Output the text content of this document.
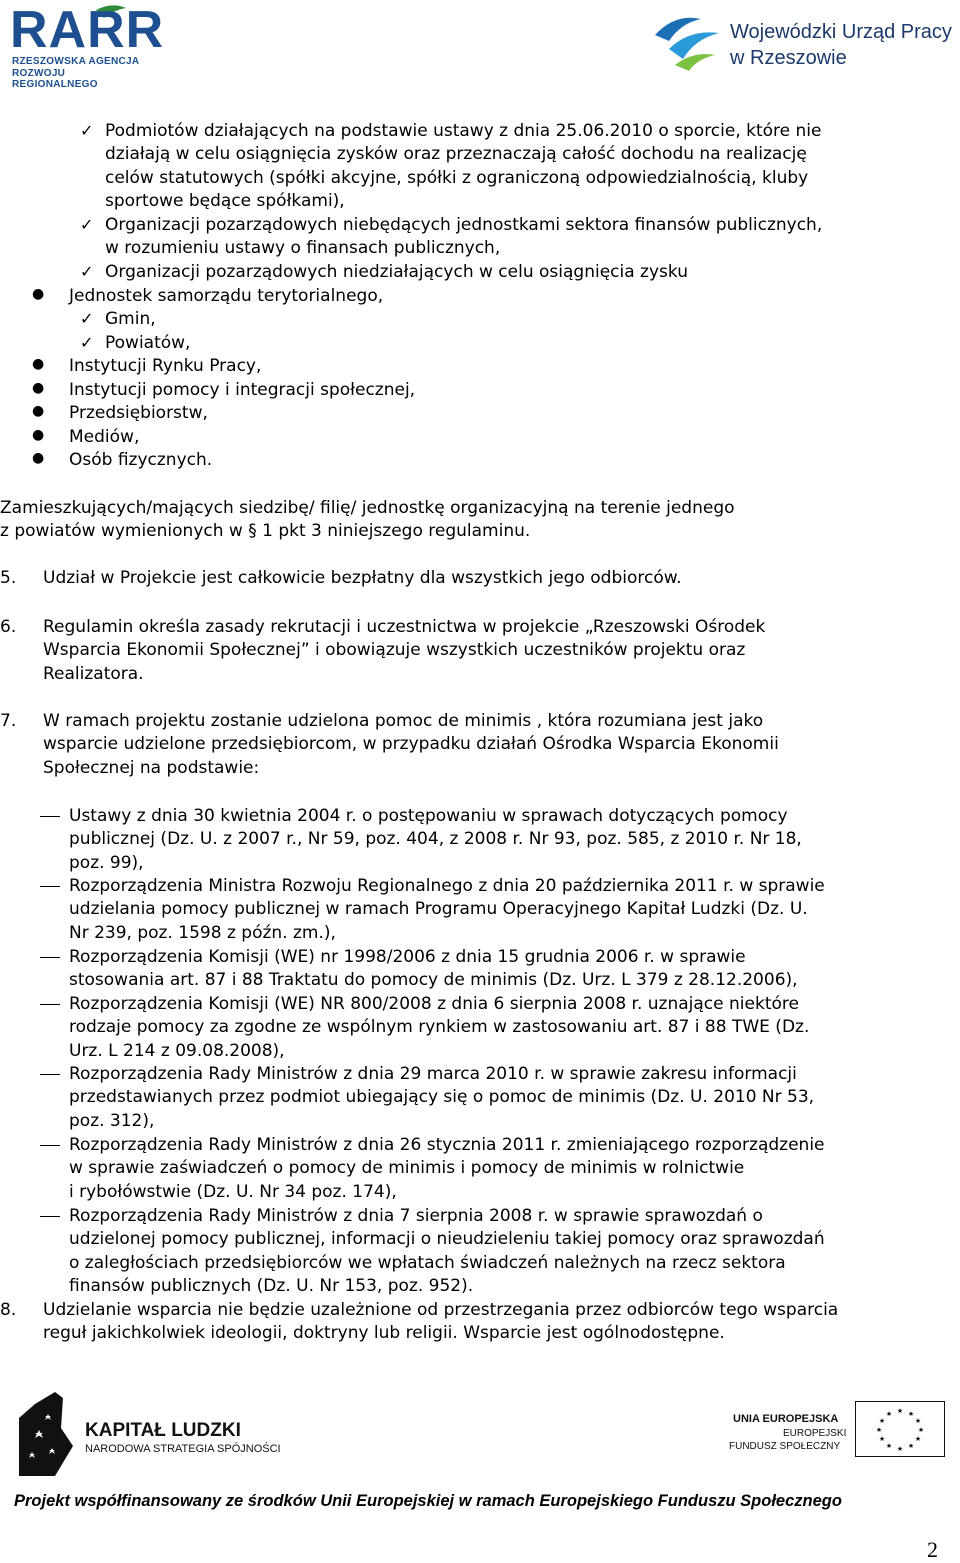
RARR
RZESZOWSKA AGENCJA
ROZWOJU REGIONALNEGO
Wojewódzki Urząd Pracy
w Rzeszowie
✓ Podmiotów działających na podstawie ustawy z dnia 25.06.2010 o sporcie, które nie
działają w celu osiągnięcia zysków oraz przeznaczają całość dochodu na realizację
celów statutowych (spółki akcyjne, spółki z ograniczoną odpowiedzialnością, kluby
sportowe będące spółkami),
✓ Organizacji pozarządowych niebędących jednostkami sektora finansów publicznych,
w rozumieniu ustawy o finansach publicznych,
✓ Organizacji pozarządowych niedziałających w celu osiągnięcia zysku
● Jednostek samorządu terytorialnego,
✓ Gmin,
✓ Powiatów,
● Instytucji Rynku Pracy,
● Instytucji pomocy i integracji społecznej,
● Przedsiębiorstw,
● Mediów,
● Osób fizycznych.
Zamieszkujących/mających siedzibę/ filię/ jednostkę organizacyjną na terenie jednego
z powiatów wymienionych w § 1 pkt 3 niniejszego regulaminu.
5. Udział w Projekcie jest całkowicie bezpłatny dla wszystkich jego odbiorców.
6. Regulamin określa zasady rekrutacji i uczestnictwa w projekcie „Rzeszowski Ośrodek
Wsparcia Ekonomii Społecznej” i obowiązuje wszystkich uczestników projektu oraz
Realizatora.
7. W ramach projektu zostanie udzielona pomoc de minimis , która rozumiana jest jako
wsparcie udzielone przedsiębiorcom, w przypadku działań Ośrodka Wsparcia Ekonomii
Społecznej na podstawie:
Ustawy z dnia 30 kwietnia 2004 r. o postępowaniu w sprawach dotyczących pomocy
publicznej (Dz. U. z 2007 r., Nr 59, poz. 404, z 2008 r. Nr 93, poz. 585, z 2010 r. Nr 18,
poz. 99),
Rozporządzenia Ministra Rozwoju Regionalnego z dnia 20 października 2011 r. w sprawie
udzielania pomocy publicznej w ramach Programu Operacyjnego Kapitał Ludzki (Dz. U.
Nr 239, poz. 1598 z późn. zm.),
Rozporządzenia Komisji (WE) nr 1998/2006 z dnia 15 grudnia 2006 r. w sprawie
stosowania art. 87 i 88 Traktatu do pomocy de minimis (Dz. Urz. L 379 z 28.12.2006),
Rozporządzenia Komisji (WE) NR 800/2008 z dnia 6 sierpnia 2008 r. uznające niektóre
rodzaje pomocy za zgodne ze wspólnym rynkiem w zastosowaniu art. 87 i 88 TWE (Dz.
Urz. L 214 z 09.08.2008),
Rozporządzenia Rady Ministrów z dnia 29 marca 2010 r. w sprawie zakresu informacji
przedstawianych przez podmiot ubiegający się o pomoc de minimis (Dz. U. 2010 Nr 53,
poz. 312),
Rozporządzenia Rady Ministrów z dnia 26 stycznia 2011 r. zmieniającego rozporządzenie
w sprawie zaświadczeń o pomocy de minimis i pomocy de minimis w rolnictwie
i rybołówstwie (Dz. U. Nr 34 poz. 174),
Rozporządzenia Rady Ministrów z dnia 7 sierpnia 2008 r. w sprawie sprawozdań o
udzielonej pomocy publicznej, informacji o nieudzieleniu takiej pomocy oraz sprawozdań
o zaległościach przedsiębiorców we wpłatach świadczeń należnych na rzecz sektora
finansów publicznych (Dz. U. Nr 153, poz. 952).
8. Udzielanie wsparcia nie będzie uzależnione od przestrzegania przez odbiorców tego wsparcia
reguł jakichkolwiek ideologii, doktryny lub religii. Wsparcie jest ogólnodostępne.
KAPITAŁ LUDZKI
NARODOWA STRATEGIA SPÓJNOŚCI
UNIA EUROPEJSKA
EUROPEJSKI
FUNDUSZ SPOŁECZNY
★ ★
★
★
★
★
★
★
★
★
★
★
Projekt współfinansowany ze środków Unii Europejskiej w ramach Europejskiego Funduszu Społecznego
2
